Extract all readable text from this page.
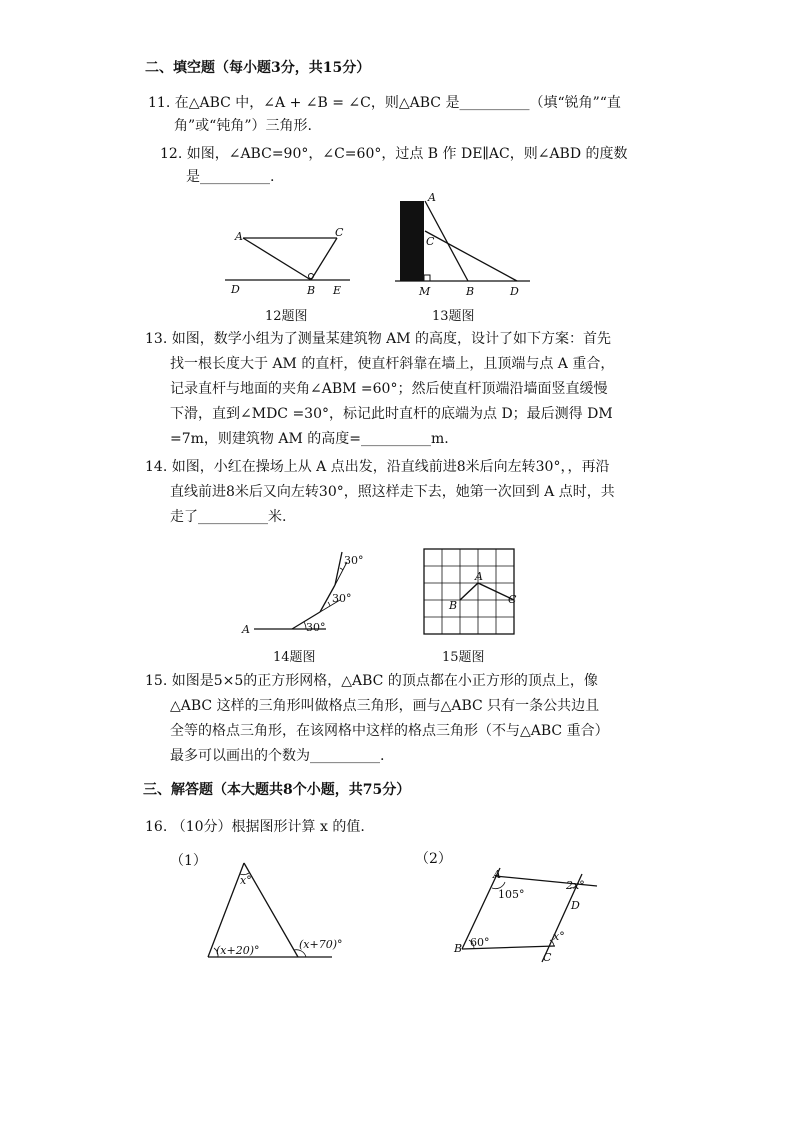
二、填空题（每小题3分，共15分）
11. 在△ABC 中，∠A + ∠B = ∠C，则△ABC 是__________（填“锐角”“直
角”或“钝角”）三角形.
12. 如图，∠ABC=90°，∠C=60°，过点 B 作 DE∥AC，则∠ABD 的度数
是__________.
A	C
D	B E
12题图
A
C
M	B	D
13题图
13. 如图，数学小组为了测量某建筑物 AM 的高度，设计了如下方案：首先
找一根长度大于 AM 的直杆，使直杆斜靠在墙上，且顶端与点 A 重合，
记录直杆与地面的夹角∠ABM =60°；然后使直杆顶端沿墙面竖直缓慢
下滑，直到∠MDC =30°，标记此时直杆的底端为点 D；最后测得 DM
=7m，则建筑物 AM 的高度=__________m.
14. 如图，小红在操场上从 A 点出发，沿直线前进8米后向左转30°，，再沿
直线前进8米后又向左转30°，照这样走下去，她第一次回到 A 点时，共
走了__________米.
A
30°
30°
30°
14题图
A
B	C
15题图
15. 如图是5×5的正方形网格，△ABC 的顶点都在小正方形的顶点上，像
△ABC 这样的三角形叫做格点三角形，画与△ABC 只有一条公共边且
全等的格点三角形，在该网格中这样的格点三角形（不与△ABC 重合）
最多可以画出的个数为__________.
三、解答题（本大题共8个小题，共75分）
16. （10分）根据图形计算 x 的值.
（1）	（2）
x°
(x+20)°	(x+70)°
A
105°
2x°
D
B 60°	x°
C
